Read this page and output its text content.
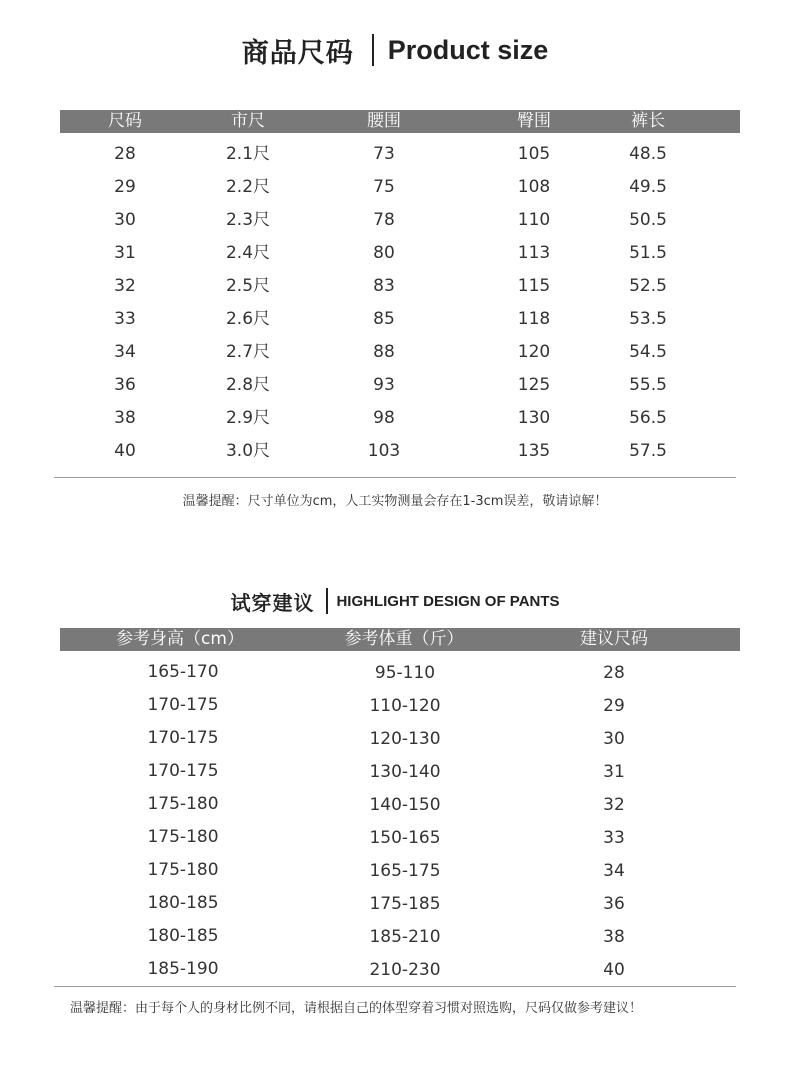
商品尺码 Product size
尺码	市尺	腰围	臀围	裤长
28	2.1尺	73	105	48.5
29	2.2尺	75	108	49.5
30	2.3尺	78	110	50.5
31	2.4尺	80	113	51.5
32	2.5尺	83	115	52.5
33	2.6尺	85	118	53.5
34	2.7尺	88	120	54.5
36	2.8尺	93	125	55.5
38	2.9尺	98	130	56.5
40	3.0尺	103	135	57.5
温馨提醒：尺寸单位为cm，人工实物测量会存在1-3cm误差，敬请谅解！
试穿建议 HIGHLIGHT DESIGN OF PANTS
参考身高（cm）	参考体重（斤）	建议尺码
165-170	95-110	28
170-175	110-120	29
170-175	120-130	30
170-175	130-140	31
175-180	140-150	32
175-180	150-165	33
175-180	165-175	34
180-185	175-185	36
180-185	185-210	38
185-190	210-230	40
温馨提醒：由于每个人的身材比例不同，请根据自己的体型穿着习惯对照选购，尺码仅做参考建议！
